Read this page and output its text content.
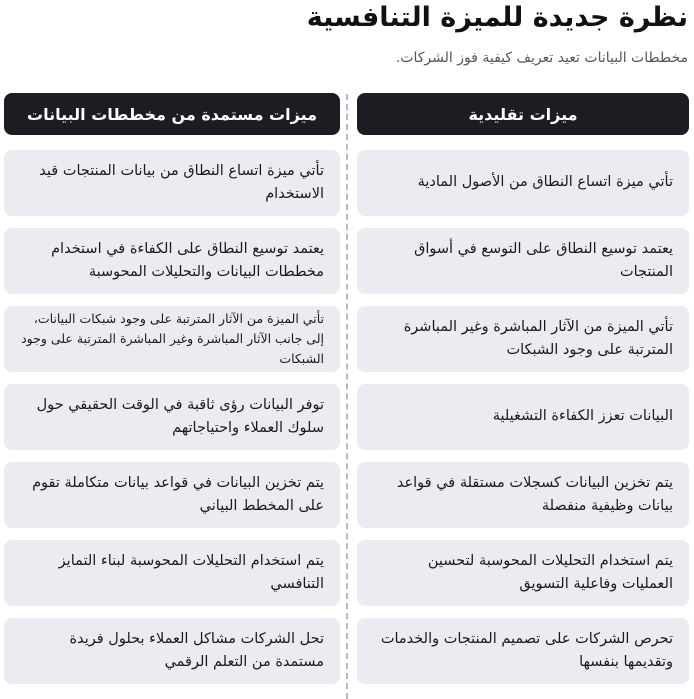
نظرة جديدة للميزة التنافسية

مخططات البيانات تعيد تعريف كيفية فوز الشركات.

ميزات تقليدية
تأتي ميزة اتساع النطاق من الأصول المادية
يعتمد توسيع النطاق على التوسع في أسواق المنتجات
تأتي الميزة من الآثار المباشرة وغير المباشرة المترتبة على وجود الشبكات
البيانات تعزز الكفاءة التشغيلية
يتم تخزين البيانات كسجلات مستقلة في قواعد بيانات وظيفية منفصلة
يتم استخدام التحليلات المحوسبة لتحسين العمليات وفاعلية التسويق
تحرص الشركات على تصميم المنتجات والخدمات وتقديمها بنفسها
ميزات مستمدة من مخططات البيانات
تأتي ميزة اتساع النطاق من بيانات المنتجات قيد الاستخدام
يعتمد توسيع النطاق على الكفاءة في استخدام مخططات البيانات والتحليلات المحوسبة
تأتي الميزة من الآثار المترتبة على وجود شبكات البيانات، إلى جانب الآثار المباشرة وغير المباشرة المترتبة على وجود الشبكات
توفر البيانات رؤى ثاقبة في الوقت الحقيقي حول سلوك العملاء واحتياجاتهم
يتم تخزين البيانات في قواعد بيانات متكاملة تقوم على المخطط البياني
يتم استخدام التحليلات المحوسبة لبناء التمايز التنافسي
تحل الشركات مشاكل العملاء بحلول فريدة مستمدة من التعلم الرقمي
